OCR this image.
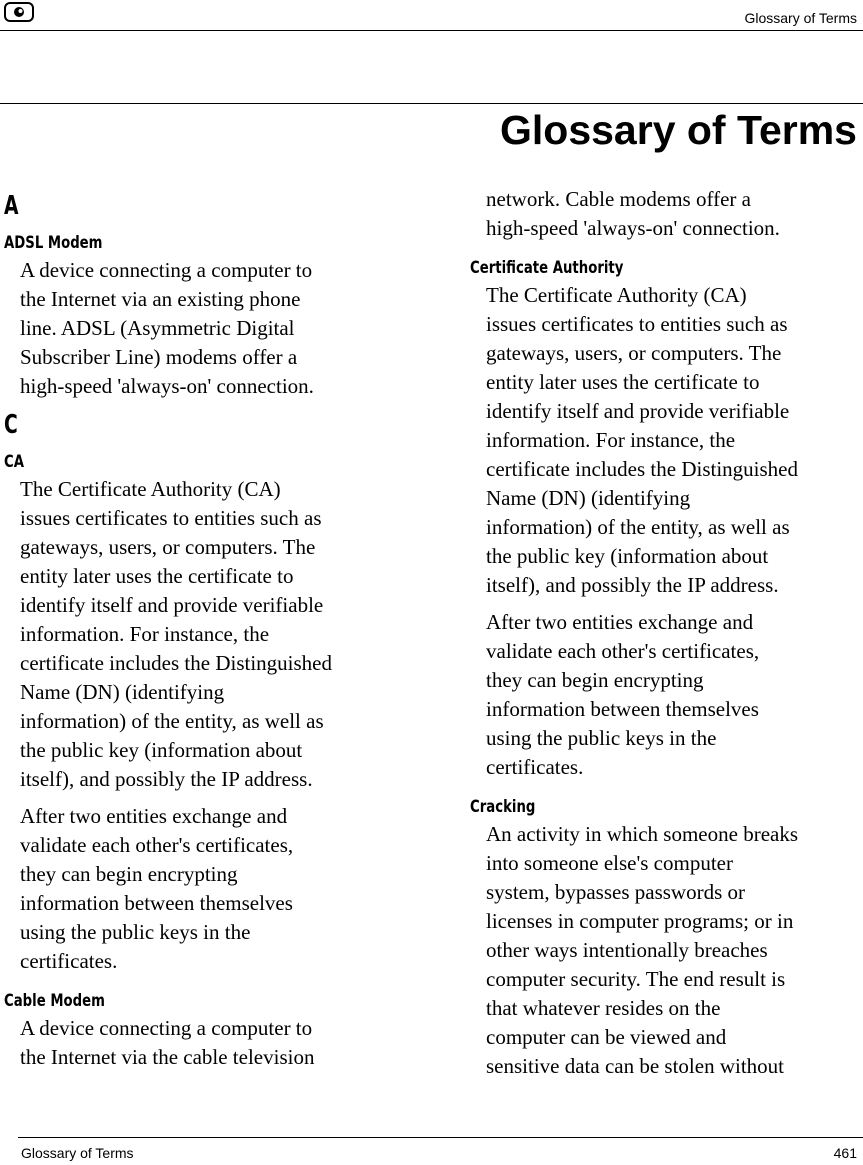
Glossary of Terms
Glossary of Terms
A
ADSL Modem

A device connecting a computer to
the Internet via an existing phone
line. ADSL (Asymmetric Digital
Subscriber Line) modems offer a
high-speed 'always-on' connection.

C
CA

The Certificate Authority (CA)
issues certificates to entities such as
gateways, users, or computers. The
entity later uses the certificate to
identify itself and provide verifiable
information. For instance, the
certificate includes the Distinguished
Name (DN) (identifying
information) of the entity, as well as
the public key (information about
itself), and possibly the IP address.

After two entities exchange and
validate each other's certificates,
they can begin encrypting
information between themselves
using the public keys in the
certificates.

Cable Modem

A device connecting a computer to
the Internet via the cable television

network. Cable modems offer a
high-speed 'always-on' connection.

Certificate Authority

The Certificate Authority (CA)
issues certificates to entities such as
gateways, users, or computers. The
entity later uses the certificate to
identify itself and provide verifiable
information. For instance, the
certificate includes the Distinguished
Name (DN) (identifying
information) of the entity, as well as
the public key (information about
itself), and possibly the IP address.

After two entities exchange and
validate each other's certificates,
they can begin encrypting
information between themselves
using the public keys in the
certificates.

Cracking

An activity in which someone breaks
into someone else's computer
system, bypasses passwords or
licenses in computer programs; or in
other ways intentionally breaches
computer security. The end result is
that whatever resides on the
computer can be viewed and
sensitive data can be stolen without

Glossary of Terms	461
